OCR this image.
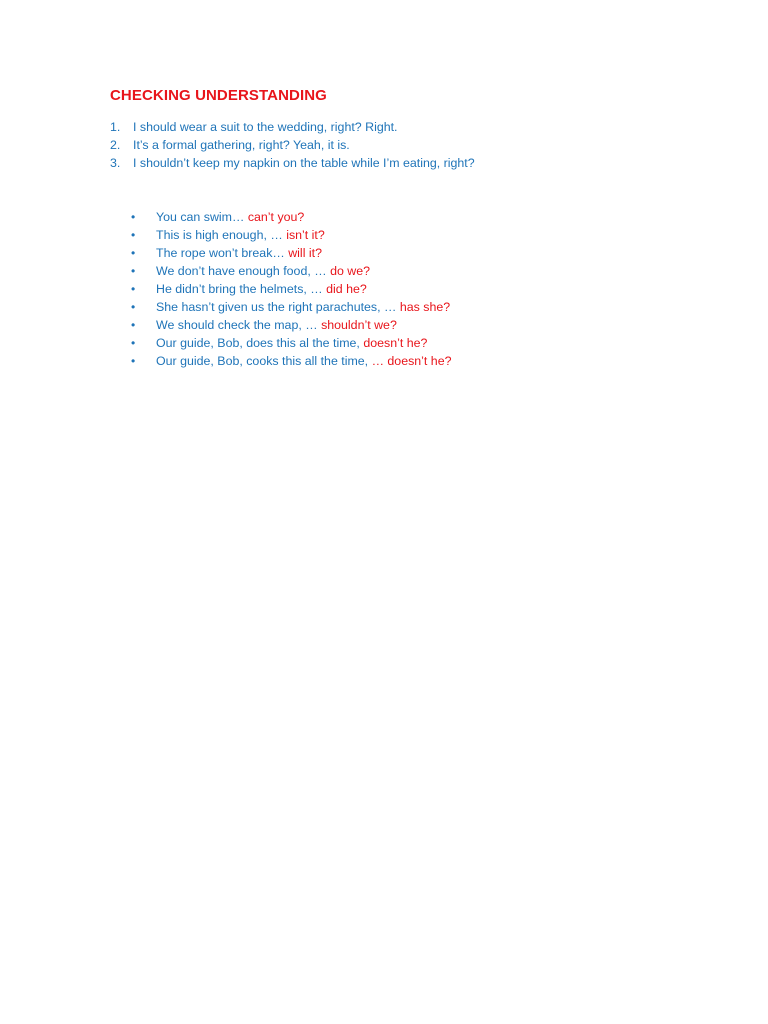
CHECKING UNDERSTANDING
1. I should wear a suit to the wedding, right? Right.
2. It’s a formal gathering, right? Yeah, it is.
3. I shouldn’t keep my napkin on the table while I’m eating, right?
• You can swim… can’t you?
• This is high enough, … isn’t it?
• The rope won’t break… will it?
• We don’t have enough food, … do we?
• He didn’t bring the helmets, … did he?
• She hasn’t given us the right parachutes, … has she?
• We should check the map, … shouldn’t we?
• Our guide, Bob, does this al the time, doesn’t he?
• Our guide, Bob, cooks this all the time, … doesn’t he?
